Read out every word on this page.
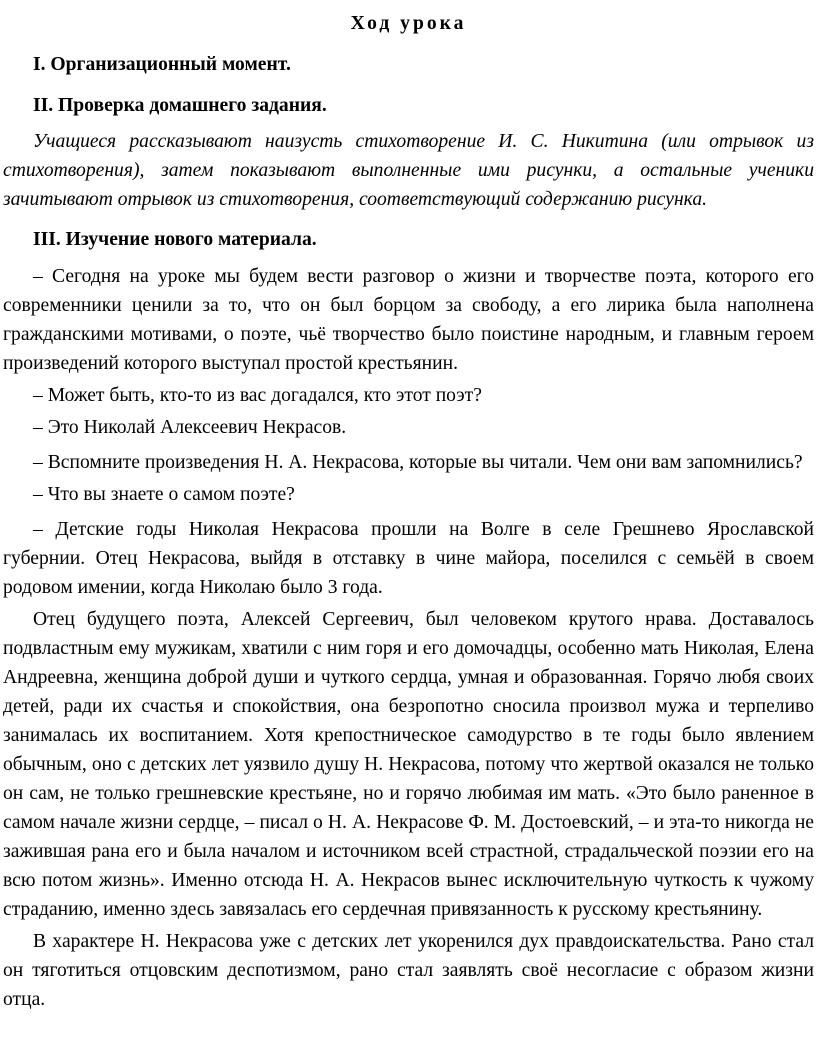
Ход урока
I. Организационный момент.
II. Проверка домашнего задания.

Учащиеся рассказывают наизусть стихотворение И. С. Никитина (или отрывок из стихотворения), затем показывают выполненные ими рисунки, а остальные ученики зачитывают отрывок из стихотворения, соответствующий содержанию рисунка.

III. Изучение нового материала.

– Сегодня на уроке мы будем вести разговор о жизни и творчестве поэта, которого его современники ценили за то, что он был борцом за свободу, а его лирика была наполнена гражданскими мотивами, о поэте, чьё творчество было поистине народным, и главным героем произведений которого выступал простой крестьянин.

– Может быть, кто-то из вас догадался, кто этот поэт?

– Это Николай Алексеевич Некрасов.

– Вспомните произведения Н. А. Некрасова, которые вы читали. Чем они вам запомнились?

– Что вы знаете о самом поэте?

– Детские годы Николая Некрасова прошли на Волге в селе Грешнево Ярославской губернии. Отец Некрасова, выйдя в отставку в чине майора, поселился с семьёй в своем родовом имении, когда Николаю было 3 года.

Отец будущего поэта, Алексей Сергеевич, был человеком крутого нрава. Доставалось подвластным ему мужикам, хватили с ним горя и его домочадцы, особенно мать Николая, Елена Андреевна, женщина доброй души и чуткого сердца, умная и образованная. Горячо любя своих детей, ради их счастья и спокойствия, она безропотно сносила произвол мужа и терпеливо занималась их воспитанием. Хотя крепостническое самодурство в те годы было явлением обычным, оно с детских лет уязвило душу Н. Некрасова, потому что жертвой оказался не только он сам, не только грешневские крестьяне, но и горячо любимая им мать. «Это было раненное в самом начале жизни сердце, – писал о Н. А. Некрасове Ф. М. Достоевский, – и эта-то никогда не зажившая рана его и была началом и источником всей страстной, страдальческой поэзии его на всю потом жизнь». Именно отсюда Н. А. Некрасов вынес исключительную чуткость к чужому страданию, именно здесь завязалась его сердечная привязанность к русскому крестьянину.

В характере Н. Некрасова уже с детских лет укоренился дух правдоискательства. Рано стал он тяготиться отцовским деспотизмом, рано стал заявлять своё несогласие с образом жизни отца.
